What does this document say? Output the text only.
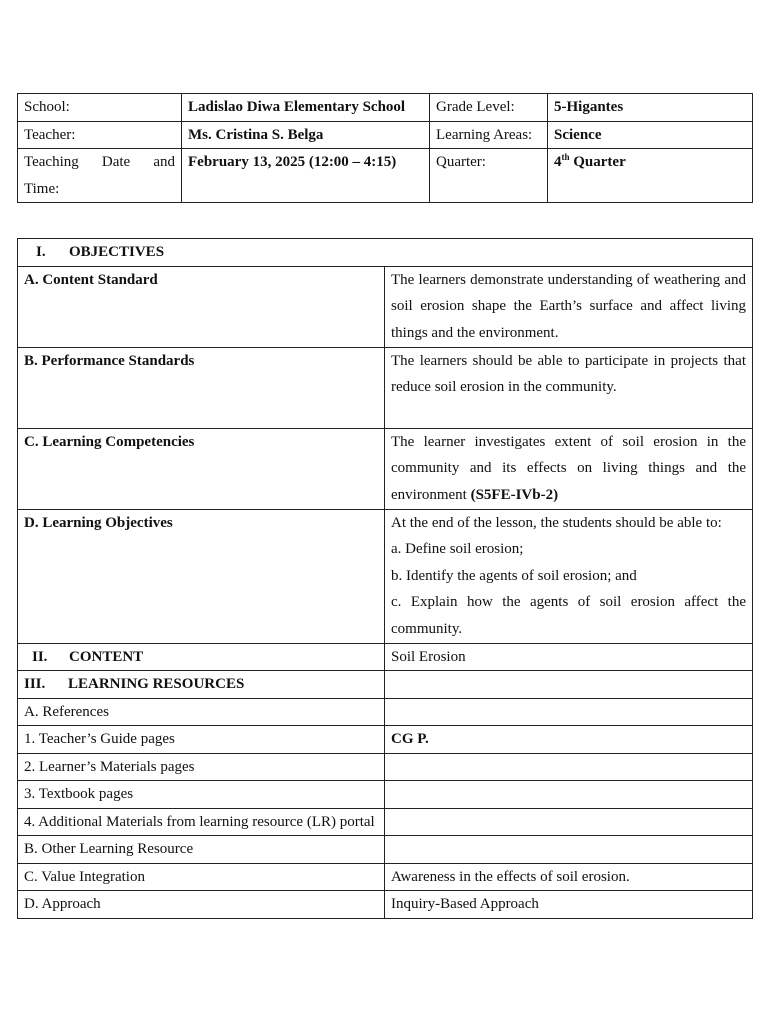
School:	Ladislao Diwa Elementary School	Grade Level:	5-Higantes
Teacher:	Ms. Cristina S. Belga	Learning Areas:	Science

Teaching Date and
Time:	February 13, 2025 (12:00 – 4:15)	Quarter:	4th Quarter
I. OBJECTIVES	
A. Content Standard	The learners demonstrate understanding of weathering and soil erosion shape the Earth’s surface and affect living things and the environment.
B. Performance Standards	The learners should be able to participate in projects that reduce soil erosion in the community.
C. Learning Competencies	The learner investigates extent of soil erosion in the community and its effects on living things and the environment (S5FE-IVb-2)
D. Learning Objectives	At the end of the lesson, the students should be able to:
a. Define soil erosion;
b. Identify the agents of soil erosion; and
c. Explain how the agents of soil erosion affect the community.

II. CONTENT	Soil Erosion
III. LEARNING RESOURCES	
A. References	
1. Teacher’s Guide pages	CG P.
2. Learner’s Materials pages	
3. Textbook pages	
4. Additional Materials from learning resource (LR) portal	
B. Other Learning Resource	
C. Value Integration	Awareness in the effects of soil erosion.
D. Approach	Inquiry-Based Approach
